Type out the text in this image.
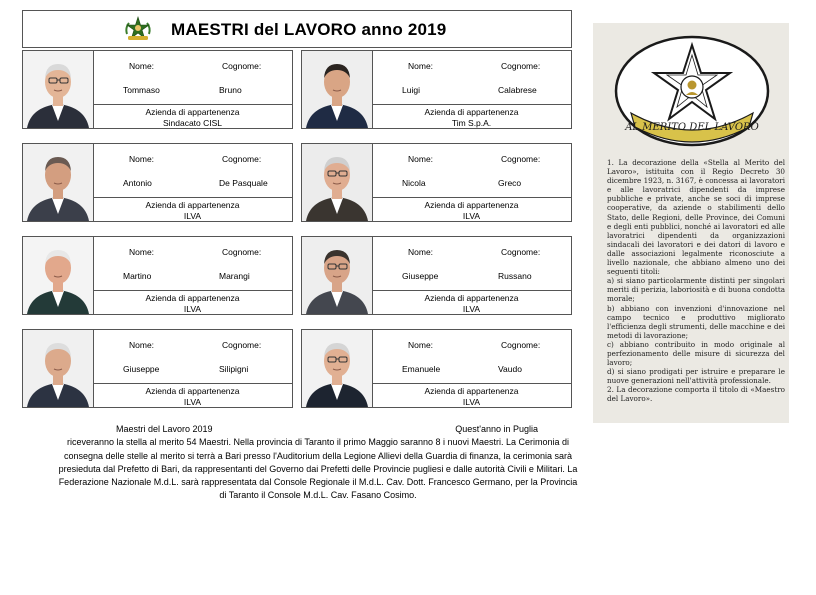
MAESTRI del LAVORO anno 2019
Nome:	Cognome:
Tommaso	Bruno
Azienda di appartenenza
Sindacato CISL
Nome:	Cognome:
Luigi	Calabrese
Azienda di appartenenza
Tim S.p.A.
Nome:	Cognome:
Antonio	De Pasquale
Azienda di appartenenza
ILVA
Nome:	Cognome:
Nicola	Greco
Azienda di appartenenza
ILVA
Nome:	Cognome:
Martino	Marangi
Azienda di appartenenza
ILVA
Nome:	Cognome:
Giuseppe	Russano
Azienda di appartenenza
ILVA
Nome:	Cognome:
Giuseppe	Silipigni
Azienda di appartenenza
ILVA
Nome:	Cognome:
Emanuele	Vaudo
Azienda di appartenenza
ILVA
Maestri del Lavoro 2019	Quest'anno in Puglia
riceveranno la stella al merito 54 Maestri. Nella provincia di Taranto il primo Maggio saranno 8 i nuovi Maestri. La Cerimonia di consegna delle stelle al merito si terrà a Bari presso l'Auditorium della Legione Allievi della Guardia di finanza, la cerimonia sarà presieduta dal Prefetto di Bari, da rappresentanti del Governo dai Prefetti delle Provincie pugliesi e dalle autorità Civili e Militari. La Federazione Nazionale M.d.L. sarà rappresentata dal Console Regionale il M.d.L. Cav. Dott. Francesco Germano, per la Provincia di Taranto il Console M.d.L. Cav. Fasano Cosimo.
AL MERITO DEL LAVORO
1. La decorazione della «Stella al Merito del Lavoro», istituita con il Regio Decreto 30 dicembre 1923, n. 3167, è concessa ai lavoratori e alle lavoratrici dipendenti da imprese pubbliche e private, anche se soci di imprese cooperative, da aziende o stabilimenti dello Stato, delle Regioni, delle Province, dei Comuni e degli enti pubblici, nonché ai lavoratori ed alle lavoratrici dipendenti da organizzazioni sindacali dei lavoratori e dei datori di lavoro e dalle associazioni legalmente riconosciute a livello nazionale, che abbiano almeno uno dei seguenti titoli:
a) si siano particolarmente distinti per singolari meriti di perizia, laboriosità e di buona condotta morale;
b) abbiano con invenzioni d'innovazione nel campo tecnico e produttivo migliorato l'efficienza degli strumenti, delle macchine e dei metodi di lavorazione;
c) abbiano contribuito in modo originale al perfezionamento delle misure di sicurezza del lavoro;
d) si siano prodigati per istruire e preparare le nuove generazioni nell'attività professionale.
2. La decorazione comporta il titolo di «Maestro del Lavoro».
